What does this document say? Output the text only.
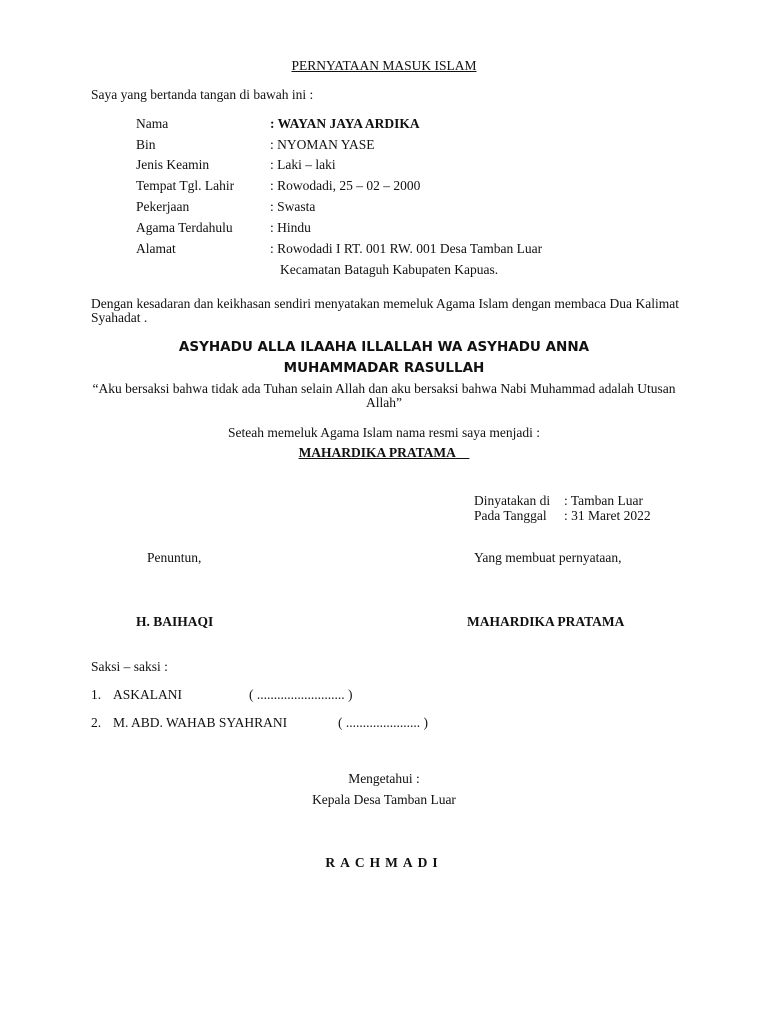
PERNYATAAN MASUK ISLAM
Saya yang bertanda tangan di bawah ini :
Nama	: WAYAN JAYA ARDIKA
Bin	: NYOMAN YASE
Jenis Keamin	: Laki – laki
Tempat Tgl. Lahir	: Rowodadi, 25 – 02 – 2000
Pekerjaan	: Swasta
Agama Terdahulu	: Hindu
Alamat	: Rowodadi I RT. 001 RW. 001 Desa Tamban Luar
Kecamatan Bataguh Kabupaten Kapuas.
Dengan kesadaran dan keikhasan sendiri menyatakan memeluk Agama Islam dengan membaca Dua Kalimat Syahadat .
ASYHADU ALLA ILAAHA ILLALLAH WA ASYHADU ANNA
MUHAMMADAR RASULLAH
“Aku bersaksi bahwa tidak ada Tuhan selain Allah dan aku bersaksi bahwa Nabi Muhammad adalah Utusan Allah”
Seteah memeluk Agama Islam nama resmi saya menjadi :
MAHARDIKA PRATAMA
Dinyatakan di : Tamban Luar
Pada Tanggal : 31 Maret 2022
Penuntun,	Yang membuat pernyataan,
H. BAIHAQI	MAHARDIKA PRATAMA
Saksi – saksi :
1. ASKALANI	( .......................... )
2. M. ABD. WAHAB SYAHRANI	( ...................... )
Mengetahui :
Kepala Desa Tamban Luar
RACHMADI
